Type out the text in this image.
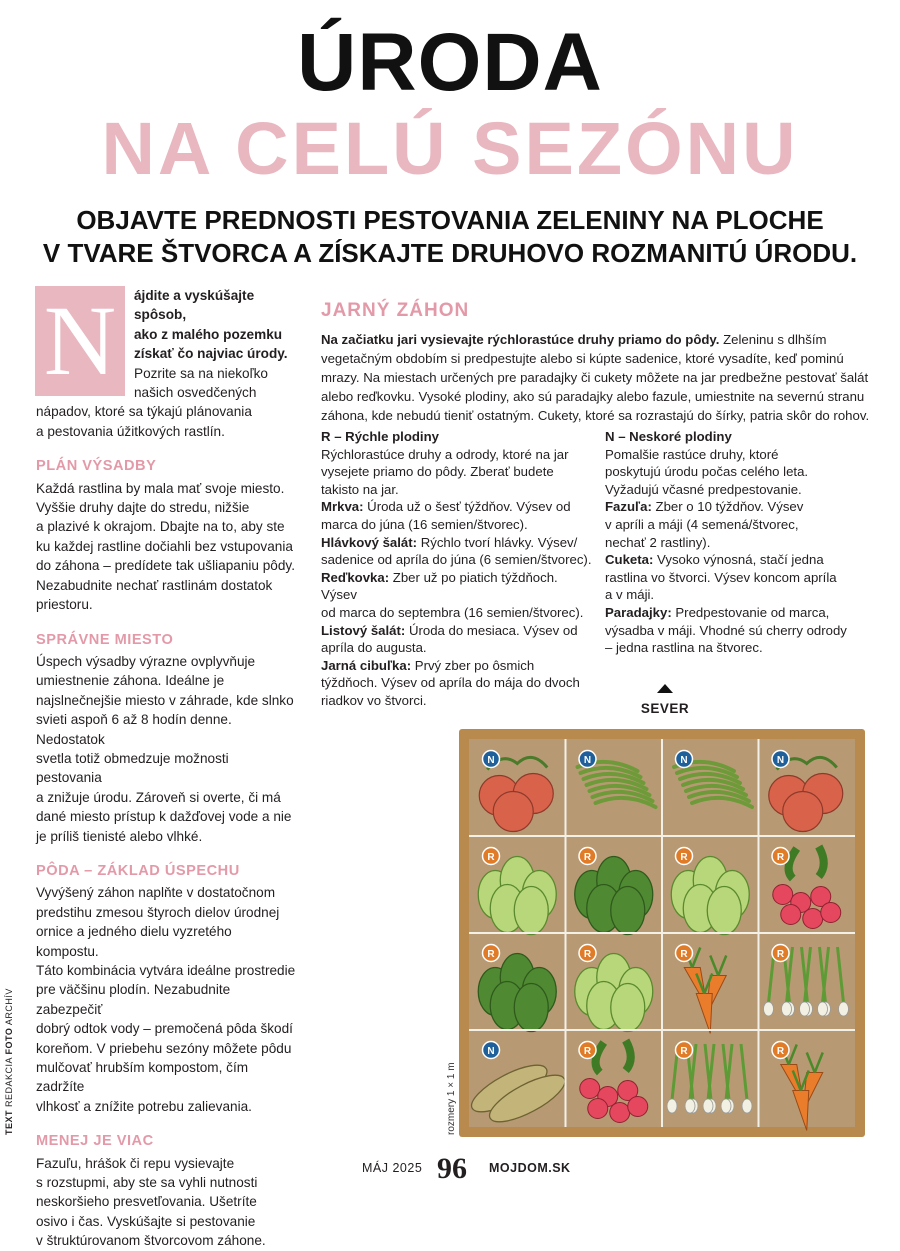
ÚRODA
NA CELÚ SEZÓNU
OBJAVTE PREDNOSTI PESTOVANIA ZELENINY NA PLOCHE
V TVARE ŠTVORCA A ZÍSKAJTE DRUHOVO ROZMANITÚ ÚRODU.
N	ájdite a vyskúšajte spôsob,
ako z malého pozemku
získať čo najviac úrody.
Pozrite sa na niekoľko
našich osvedčených
nápadov, ktoré sa týkajú plánovania
a pestovania úžitkových rastlín.
PLÁN VÝSADBY

Každá rastlina by mala mať svoje miesto.

Vyššie druhy dajte do stredu, nižšie

a plazivé k okrajom. Dbajte na to, aby ste

ku každej rastline dočiahli bez vstupovania

do záhona – predídete tak ušliapaniu pôdy.

Nezabudnite nechať rastlinám dostatok

priestoru.

SPRÁVNE MIESTO

Úspech výsadby výrazne ovplyvňuje

umiestnenie záhona. Ideálne je

najslnečnejšie miesto v záhrade, kde slnko

svieti aspoň 6 až 8 hodín denne. Nedostatok

svetla totiž obmedzuje možnosti pestovania

a znižuje úrodu. Zároveň si overte, či má

dané miesto prístup k dažďovej vode a nie

je príliš tienisté alebo vlhké.

PÔDA – ZÁKLAD ÚSPECHU

Vyvýšený záhon naplňte v dostatočnom

predstihu zmesou štyroch dielov úrodnej

ornice a jedného dielu vyzretého kompostu.

Táto kombinácia vytvára ideálne prostredie

pre väčšinu plodín. Nezabudnite zabezpečiť

dobrý odtok vody – premočená pôda škodí

koreňom. V priebehu sezóny môžete pôdu

mulčovať hrubším kompostom, čím zadržíte

vlhkosť a znížite potrebu zalievania.

MENEJ JE VIAC

Fazuľu, hrášok či repu vysievajte

s rozstupmi, aby ste sa vyhli nutnosti

neskoršieho presvetľovania. Ušetríte

osivo i čas. Vyskúšajte si pestovanie

v štruktúrovanom štvorcovom záhone.

JARNÝ ZÁHON
Na začiatku jari vysievajte rýchlorastúce druhy priamo do pôdy. Zeleninu s dlhším
vegetačným obdobím si predpestujte alebo si kúpte sadenice, ktoré vysadíte, keď pominú
mrazy. Na miestach určených pre paradajky či cukety môžete na jar predbežne pestovať šalát
alebo reďkovku. Vysoké plodiny, ako sú paradajky alebo fazule, umiestnite na severnú stranu
záhona, kde nebudú tieniť ostatným. Cukety, ktoré sa rozrastajú do šírky, patria skôr do rohov.

R – Rýchle plodiny

Rýchlorastúce druhy a odrody, ktoré na jar

vysejete priamo do pôdy. Zberať budete

takisto na jar.

Mrkva: Úroda už o šesť týždňov. Výsev od

marca do júna (16 semien/štvorec).

Hlávkový šalát: Rýchlo tvorí hlávky. Výsev/

sadenice od apríla do júna (6 semien/štvorec).

Reďkovka: Zber už po piatich týždňoch. Výsev

od marca do septembra (16 semien/štvorec).

Listový šalát: Úroda do mesiaca. Výsev od

apríla do augusta.

Jarná cibuľka: Prvý zber po ôsmich

týždňoch. Výsev od apríla do mája do dvoch

riadkov vo štvorci.

N – Neskoré plodiny

Pomalšie rastúce druhy, ktoré

poskytujú úrodu počas celého leta.

Vyžadujú včasné predpestovanie.

Fazuľa: Zber o 10 týždňov. Výsev

v apríli a máji (4 semená/štvorec,

nechať 2 rastliny).

Cuketa: Vysoko výnosná, stačí jedna

rastlina vo štvorci. Výsev koncom apríla

a v máji.

Paradajky: Predpestovanie od marca,

výsadba v máji. Vhodné sú cherry odrody

– jedna rastlina na štvorec.

SEVER
TEXT REDAKCIA FOTO ARCHÍV
rozmery 1 × 1 m
N	N	N	N
R	R	R	R
R	R	R	R
N	R	R	R
MÁJ 2025 96 MOJDOM.SK
